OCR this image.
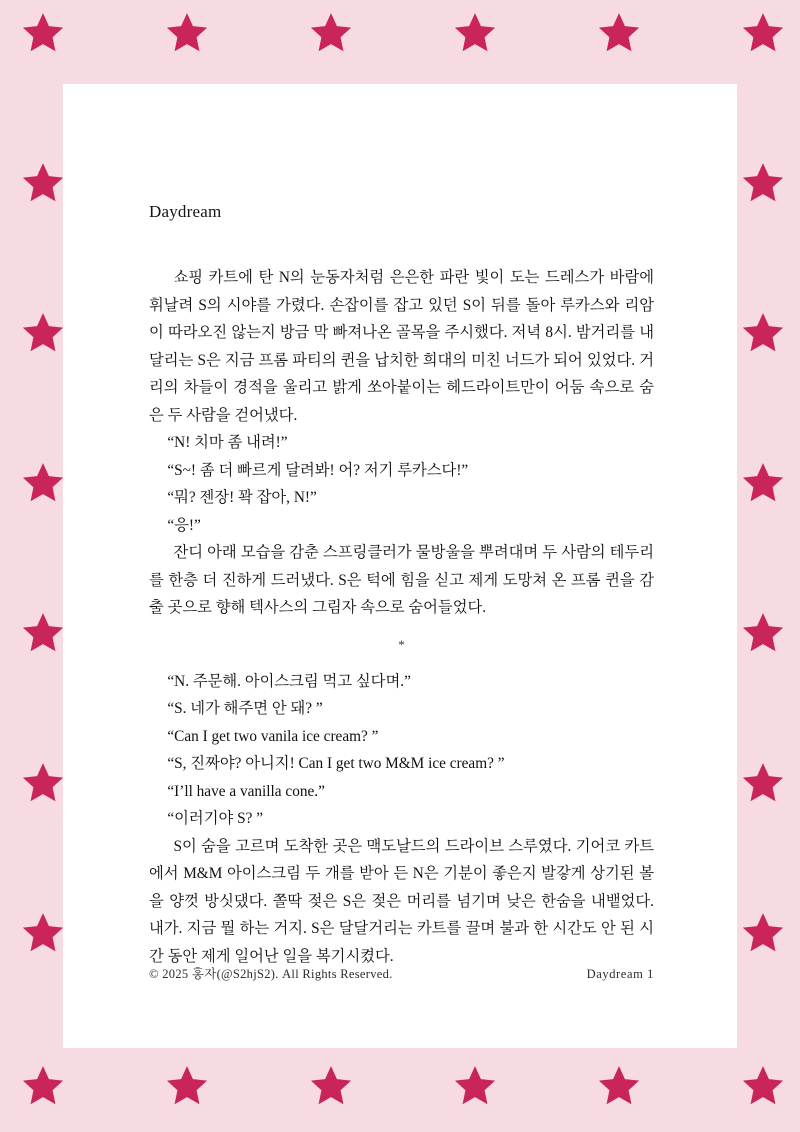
Daydream

쇼핑 카트에 탄 N의 눈동자처럼 은은한 파란 빛이 도는 드레스가 바람에 휘날려 S의 시야를 가렸다. 손잡이를 잡고 있던 S이 뒤를 돌아 루카스와 리암이 따라오진 않는지 방금 막 빠져나온 골목을 주시했다. 저녁 8시. 밤거리를 내달리는 S은 지금 프롬 파티의 퀸을 납치한 희대의 미친 너드가 되어 있었다. 거리의 차들이 경적을 울리고 밝게 쏘아붙이는 헤드라이트만이 어둠 속으로 숨은 두 사람을 걷어냈다.

“N! 치마 좀 내려!”

“S~! 좀 더 빠르게 달려봐! 어? 저기 루카스다!”

“뭐? 젠장! 꽉 잡아, N!”

“응!”

잔디 아래 모습을 감춘 스프링클러가 물방울을 뿌려대며 두 사람의 테두리를 한층 더 진하게 드러냈다. S은 턱에 힘을 싣고 제게 도망쳐 온 프롬 퀸을 감출 곳으로 향해 텍사스의 그림자 속으로 숨어들었다.

*

“N. 주문해. 아이스크림 먹고 싶다며.”

“S. 네가 해주면 안 돼? ”

“Can I get two vanila ice cream? ”

“S, 진짜야? 아니지! Can I get two M&M ice cream? ”

“I’ll have a vanilla cone.”

“이러기야 S? ”

S이 숨을 고르며 도착한 곳은 맥도날드의 드라이브 스루였다. 기어코 카트에서 M&M 아이스크림 두 개를 받아 든 N은 기분이 좋은지 발갛게 상기된 볼을 양껏 방싯댔다. 쫄딱 젖은 S은 젖은 머리를 넘기며 낮은 한숨을 내뱉었다. 내가. 지금 뭘 하는 거지. S은 달달거리는 카트를 끌며 불과 한 시간도 안 된 시간 동안 제게 일어난 일을 복기시켰다.

© 2025 홍자(@S2hjS2). All Rights Reserved.	Daydream 1
